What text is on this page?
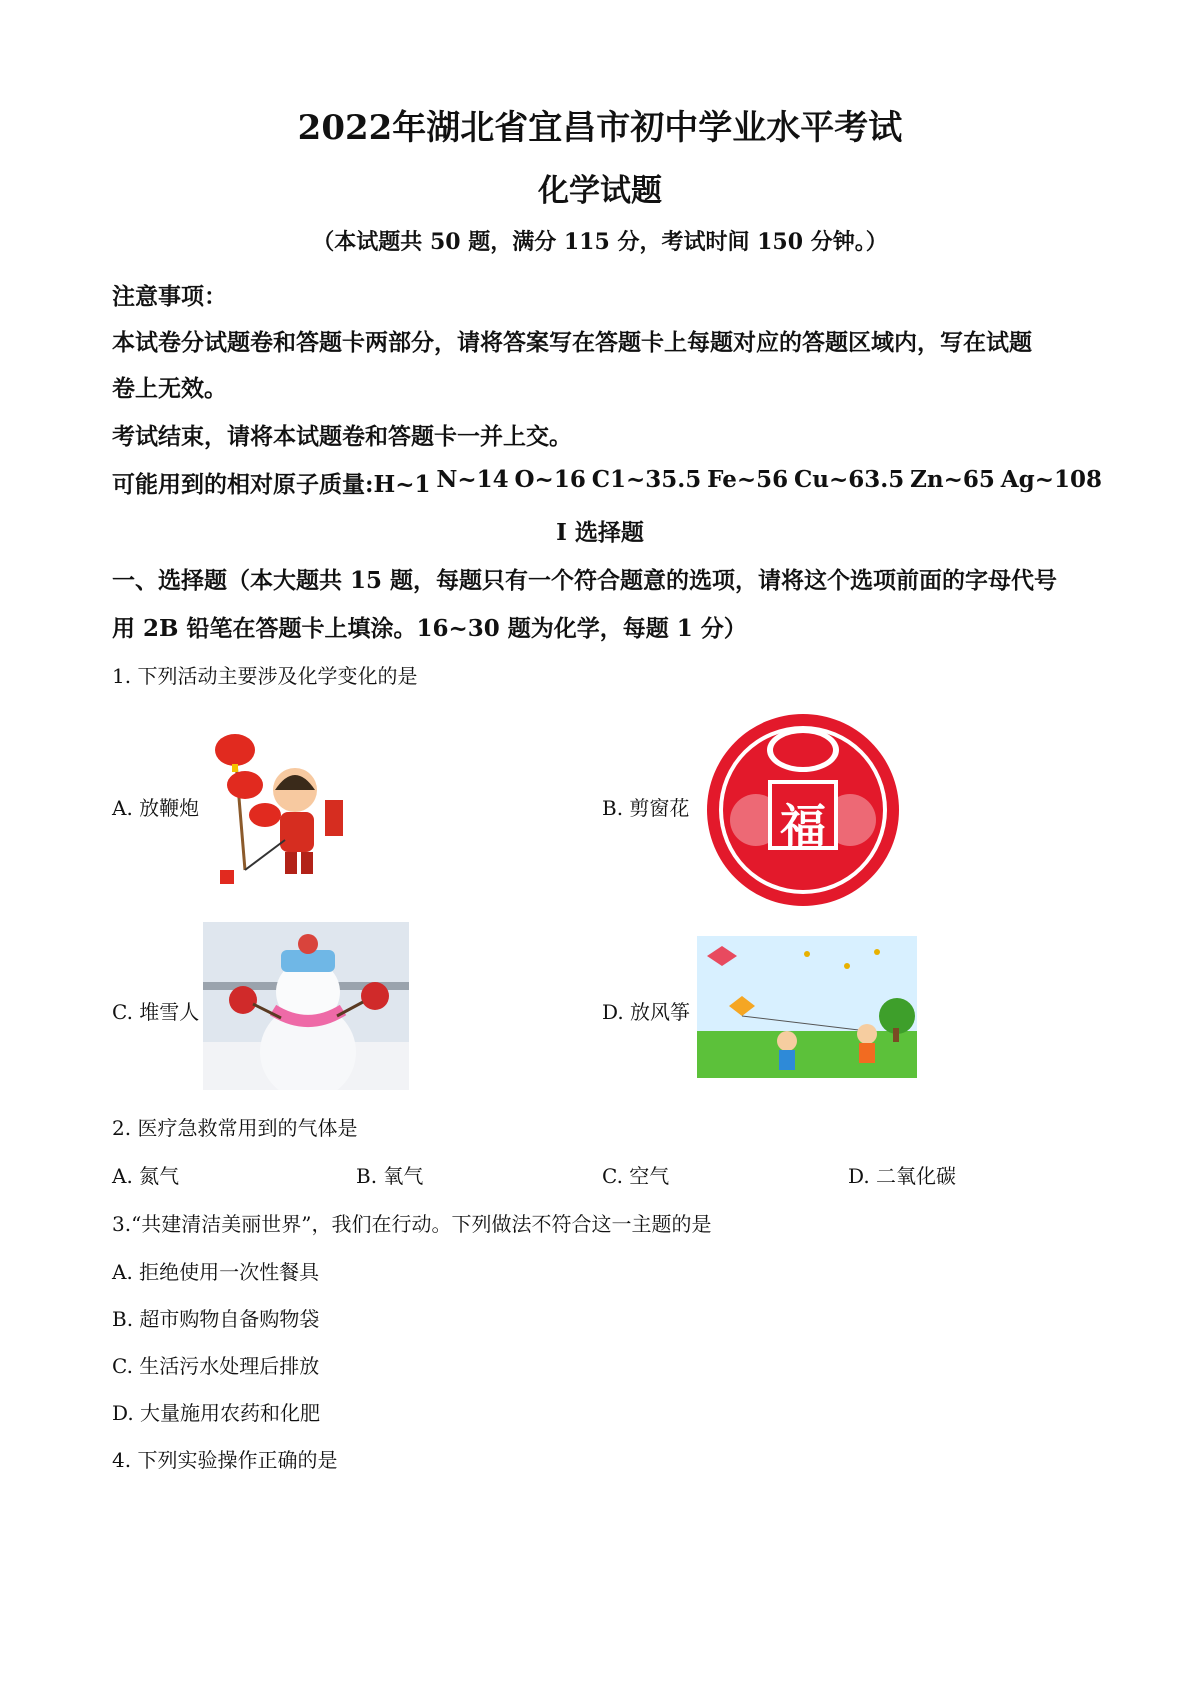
2022年湖北省宜昌市初中学业水平考试
化学试题
（本试题共 50 题，满分 115 分，考试时间 150 分钟。）
注意事项：
本试卷分试题卷和答题卡两部分，请将答案写在答题卡上每题对应的答题区域内，写在试题
卷上无效。
考试结束，请将本试题卷和答题卡一并上交。
可能用到的相对原子质量:H~1 N~14 O~16 C1~35.5 Fe~56 Cu~63.5 Zn~65 Ag~108
I 选择题
一、选择题（本大题共 15 题，每题只有一个符合题意的选项，请将这个选项前面的字母代号
用 2B 铅笔在答题卡上填涂。16~30 题为化学，每题 1 分）
1. 下列活动主要涉及化学变化的是
A. 放鞭炮	B. 剪窗花 福
C. 堆雪人	D. 放风筝
2. 医疗急救常用到的气体是
A. 氮气	B. 氧气	C. 空气	D. 二氧化碳
3.“共建清洁美丽世界”，我们在行动。下列做法不符合这一主题的是
A. 拒绝使用一次性餐具
B. 超市购物自备购物袋
C. 生活污水处理后排放
D. 大量施用农药和化肥
4. 下列实验操作正确的是
